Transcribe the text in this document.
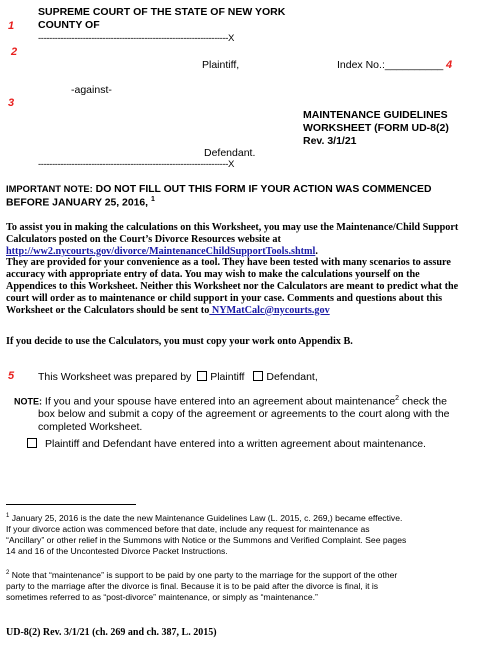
SUPREME COURT OF THE STATE OF NEW YORK
COUNTY OF
1
--------------------------------------------------------------------X
2
Plaintiff,	Index No.:__________ 4
-against-
3
MAINTENANCE GUIDELINES
WORKSHEET (FORM UD-8(2)
Rev. 3/1/21
Defendant.
--------------------------------------------------------------------X
IMPORTANT NOTE: DO NOT FILL OUT THIS FORM IF YOUR ACTION WAS COMMENCED
BEFORE JANUARY 25, 2016, $^1$
To assist you in making the calculations on this Worksheet, you may use the Maintenance/Child Support
Calculators posted on the Court’s Divorce Resources website at
http://ww2.nycourts.gov/divorce/MaintenanceChildSupportTools.shtml.
They are provided for your convenience as a tool. They have been tested with many scenarios to assure
accuracy with appropriate entry of data. You may wish to make the calculations yourself on the
Appendices to this Worksheet. Neither this Worksheet nor the Calculators are meant to predict what the
court will order as to maintenance or child support in your case. Comments and questions about this
Worksheet or the Calculators should be sent to NYMatCalc@nycourts.gov
If you decide to use the Calculators, you must copy your work onto Appendix B.
5 This Worksheet was prepared by Plaintiff Defendant,
NOTE: If you and your spouse have entered into an agreement about maintenance$^2$ check the
box below and submit a copy of the agreement or agreements to the court along with the
completed Worksheet.
Plaintiff and Defendant have entered into a written agreement about maintenance.
$^1$ January 25, 2016 is the date the new Maintenance Guidelines Law (L. 2015, c. 269,) became effective.
If your divorce action was commenced before that date, include any request for maintenance as
“Ancillary” or other relief in the Summons with Notice or the Summons and Verified Complaint. See pages
14 and 16 of the Uncontested Divorce Packet Instructions.
$^2$ Note that “maintenance” is support to be paid by one party to the marriage for the support of the other
party to the marriage after the divorce is final. Because it is to be paid after the divorce is final, it is
sometimes referred to as “post-divorce” maintenance, or simply as “maintenance.”
UD-8(2) Rev. 3/1/21 (ch. 269 and ch. 387, L. 2015)
